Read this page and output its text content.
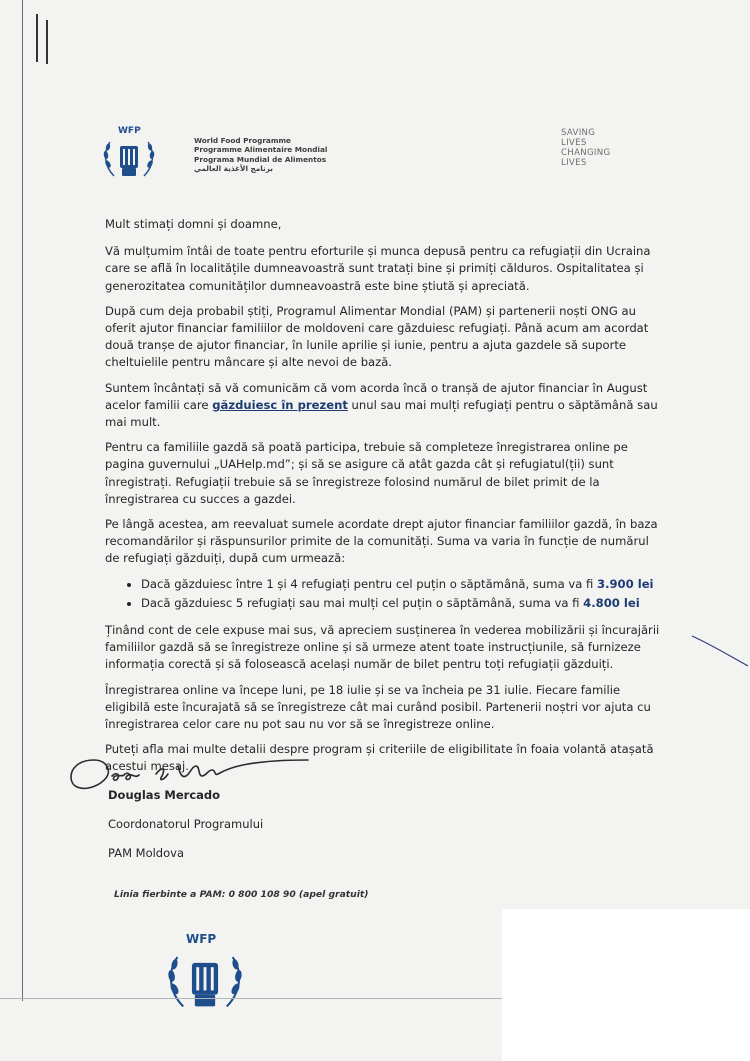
WFP
World Food Programme
Programme Alimentaire Mondial
Programa Mundial de Alimentos
برنامج الأغذية العالمي
SAVING
LIVES
CHANGING
LIVES

Mult stimați domni și doamne,

Vă mulțumim întâi de toate pentru eforturile și munca depusă pentru ca refugiații din Ucraina care se află în localitățile dumneavoastră sunt tratați bine și primiți călduros. Ospitalitatea și generozitatea comunităților dumneavoastră este bine știută și apreciată.

După cum deja probabil știți, Programul Alimentar Mondial (PAM) și partenerii noști ONG au oferit ajutor financiar familiilor de moldoveni care găzduiesc refugiați. Până acum am acordat două tranșe de ajutor financiar, în lunile aprilie și iunie, pentru a ajuta gazdele să suporte cheltuielile pentru mâncare și alte nevoi de bază.

Suntem încântați să vă comunicăm că vom acorda încă o tranșă de ajutor financiar în August acelor familii care găzduiesc în prezent unul sau mai mulți refugiați pentru o săptămână sau mai mult.

Pentru ca familiile gazdă să poată participa, trebuie să completeze înregistrarea online pe pagina guvernului „UAHelp.md”; și să se asigure că atât gazda cât și refugiatul(ții) sunt înregistrați. Refugiații trebuie să se înregistreze folosind numărul de bilet primit de la înregistrarea cu succes a gazdei.

Pe lângă acestea, am reevaluat sumele acordate drept ajutor financiar familiilor gazdă, în baza recomandărilor și răspunsurilor primite de la comunități. Suma va varia în funcție de numărul de refugiați găzduiți, după cum urmează:

• Dacă găzduiesc între 1 și 4 refugiați pentru cel puțin o săptămână, suma va fi 3.900 lei
• Dacă găzduiesc 5 refugiați sau mai mulți cel puțin o săptămână, suma va fi 4.800 lei

Ținând cont de cele expuse mai sus, vă apreciem susținerea în vederea mobilizării și încurajării familiilor gazdă să se înregistreze online și să urmeze atent toate instrucțiunile, să furnizeze informația corectă și să folosească același număr de bilet pentru toți refugiații găzduiți.

Înregistrarea online va începe luni, pe 18 iulie și se va încheia pe 31 iulie. Fiecare familie eligibilă este încurajată să se înregistreze cât mai curând posibil. Partenerii noștri vor ajuta cu înregistrarea celor care nu pot sau nu vor să se înregistreze online.

Puteți afla mai multe detalii despre program și criteriile de eligibilitate în foaia volantă atașată acestui mesaj.

Douglas Mercado
Coordonatorul Programului
PAM Moldova
Linia fierbinte a PAM: 0 800 108 90 (apel gratuit)
WFP
